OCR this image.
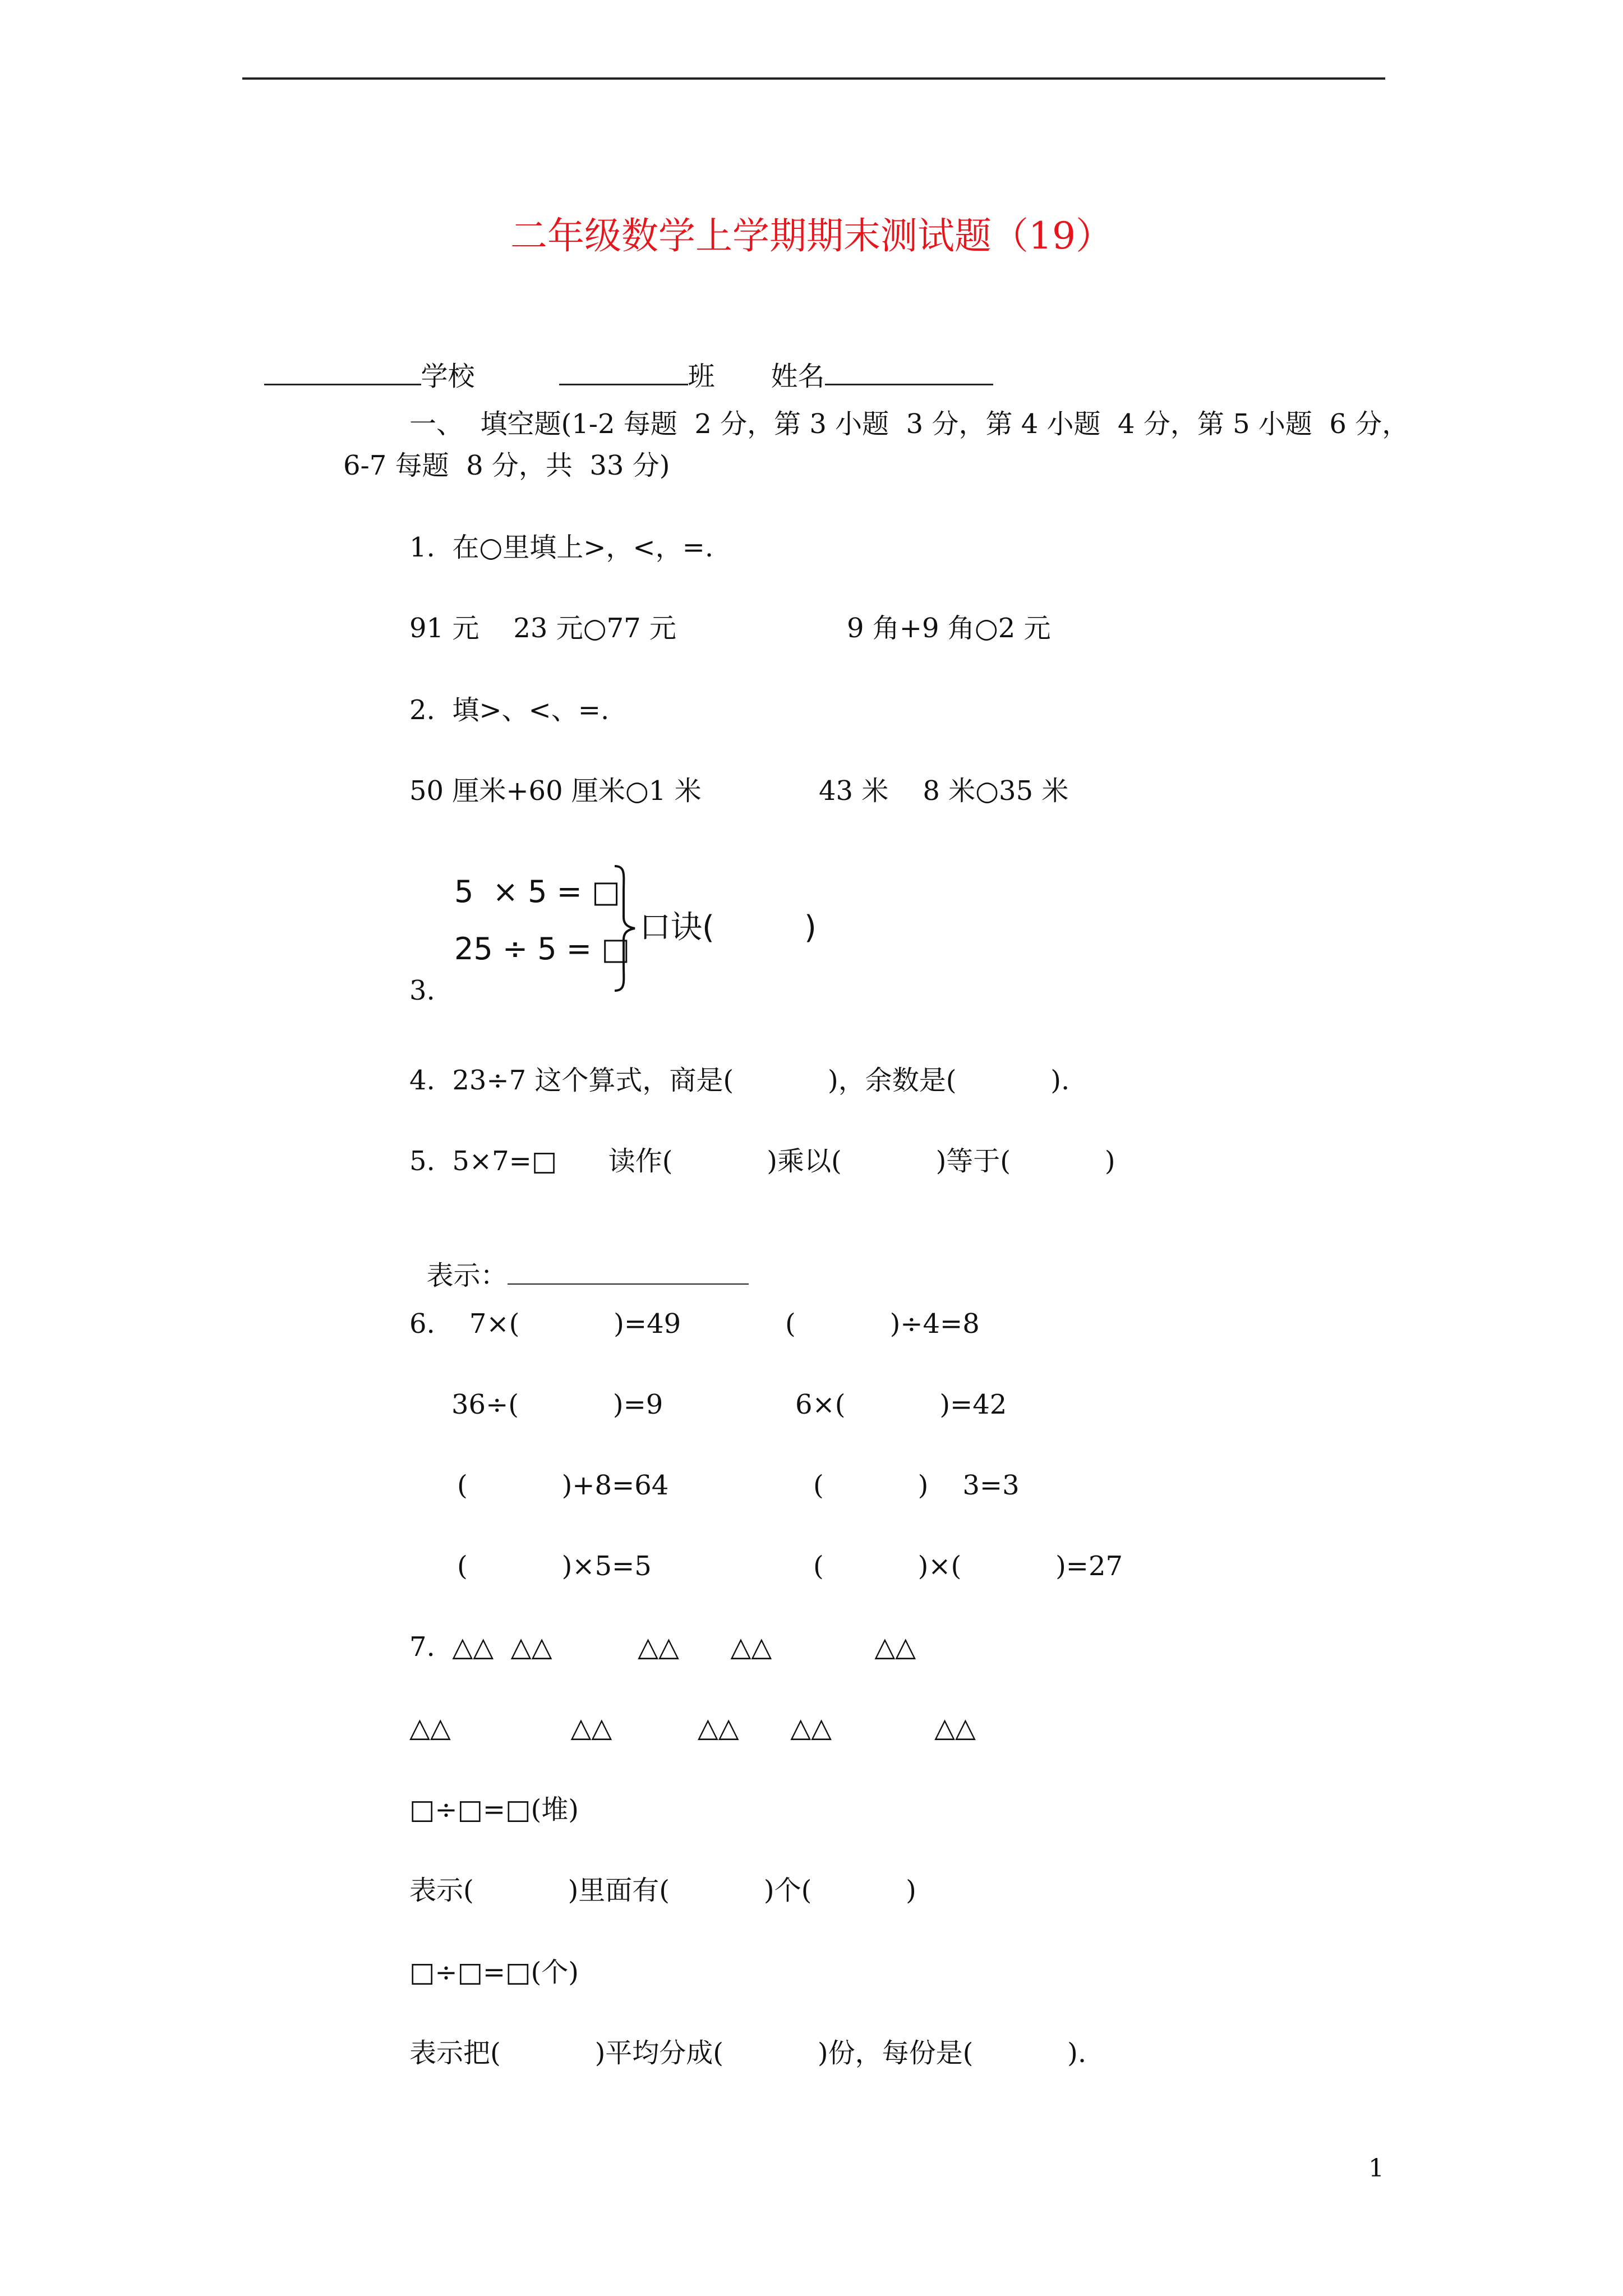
二年级数学上学期期末测试题（19）

学校	班 姓名

一、  填空题(1-2 每题  2 分，第 3 小题  3 分，第 4 小题  4 分，第 5 小题  6 分，
6-7 每题  8 分，共  33 分)
1.  在○里填上>，<，=.
91 元    23 元○77 元	9 角+9 角○2 元
2.  填>、<、=.
50 厘米+60 厘米○1 米	43 米    8 米○35 米
5  × 5 = □
25 ÷ 5 = □
口诀(         )
3.
4.  23÷7 这个算式，商是(           )，余数是(           ).
5.  5×7=□      读作(           )乘以(           )等于(           )

表示：

6.    7×(           )=49	(           )÷4=8
36÷(           )=9	6×(           )=42
(           )+8=64	(           )    3=3
(           )×5=5	(           )×(           )=27
7.  △△  △△          △△      △△            △△
△△              △△          △△      △△            △△
□÷□=□(堆)
表示(           )里面有(           )个(           )
□÷□=□(个)
表示把(           )平均分成(           )份，每份是(           ).
1
